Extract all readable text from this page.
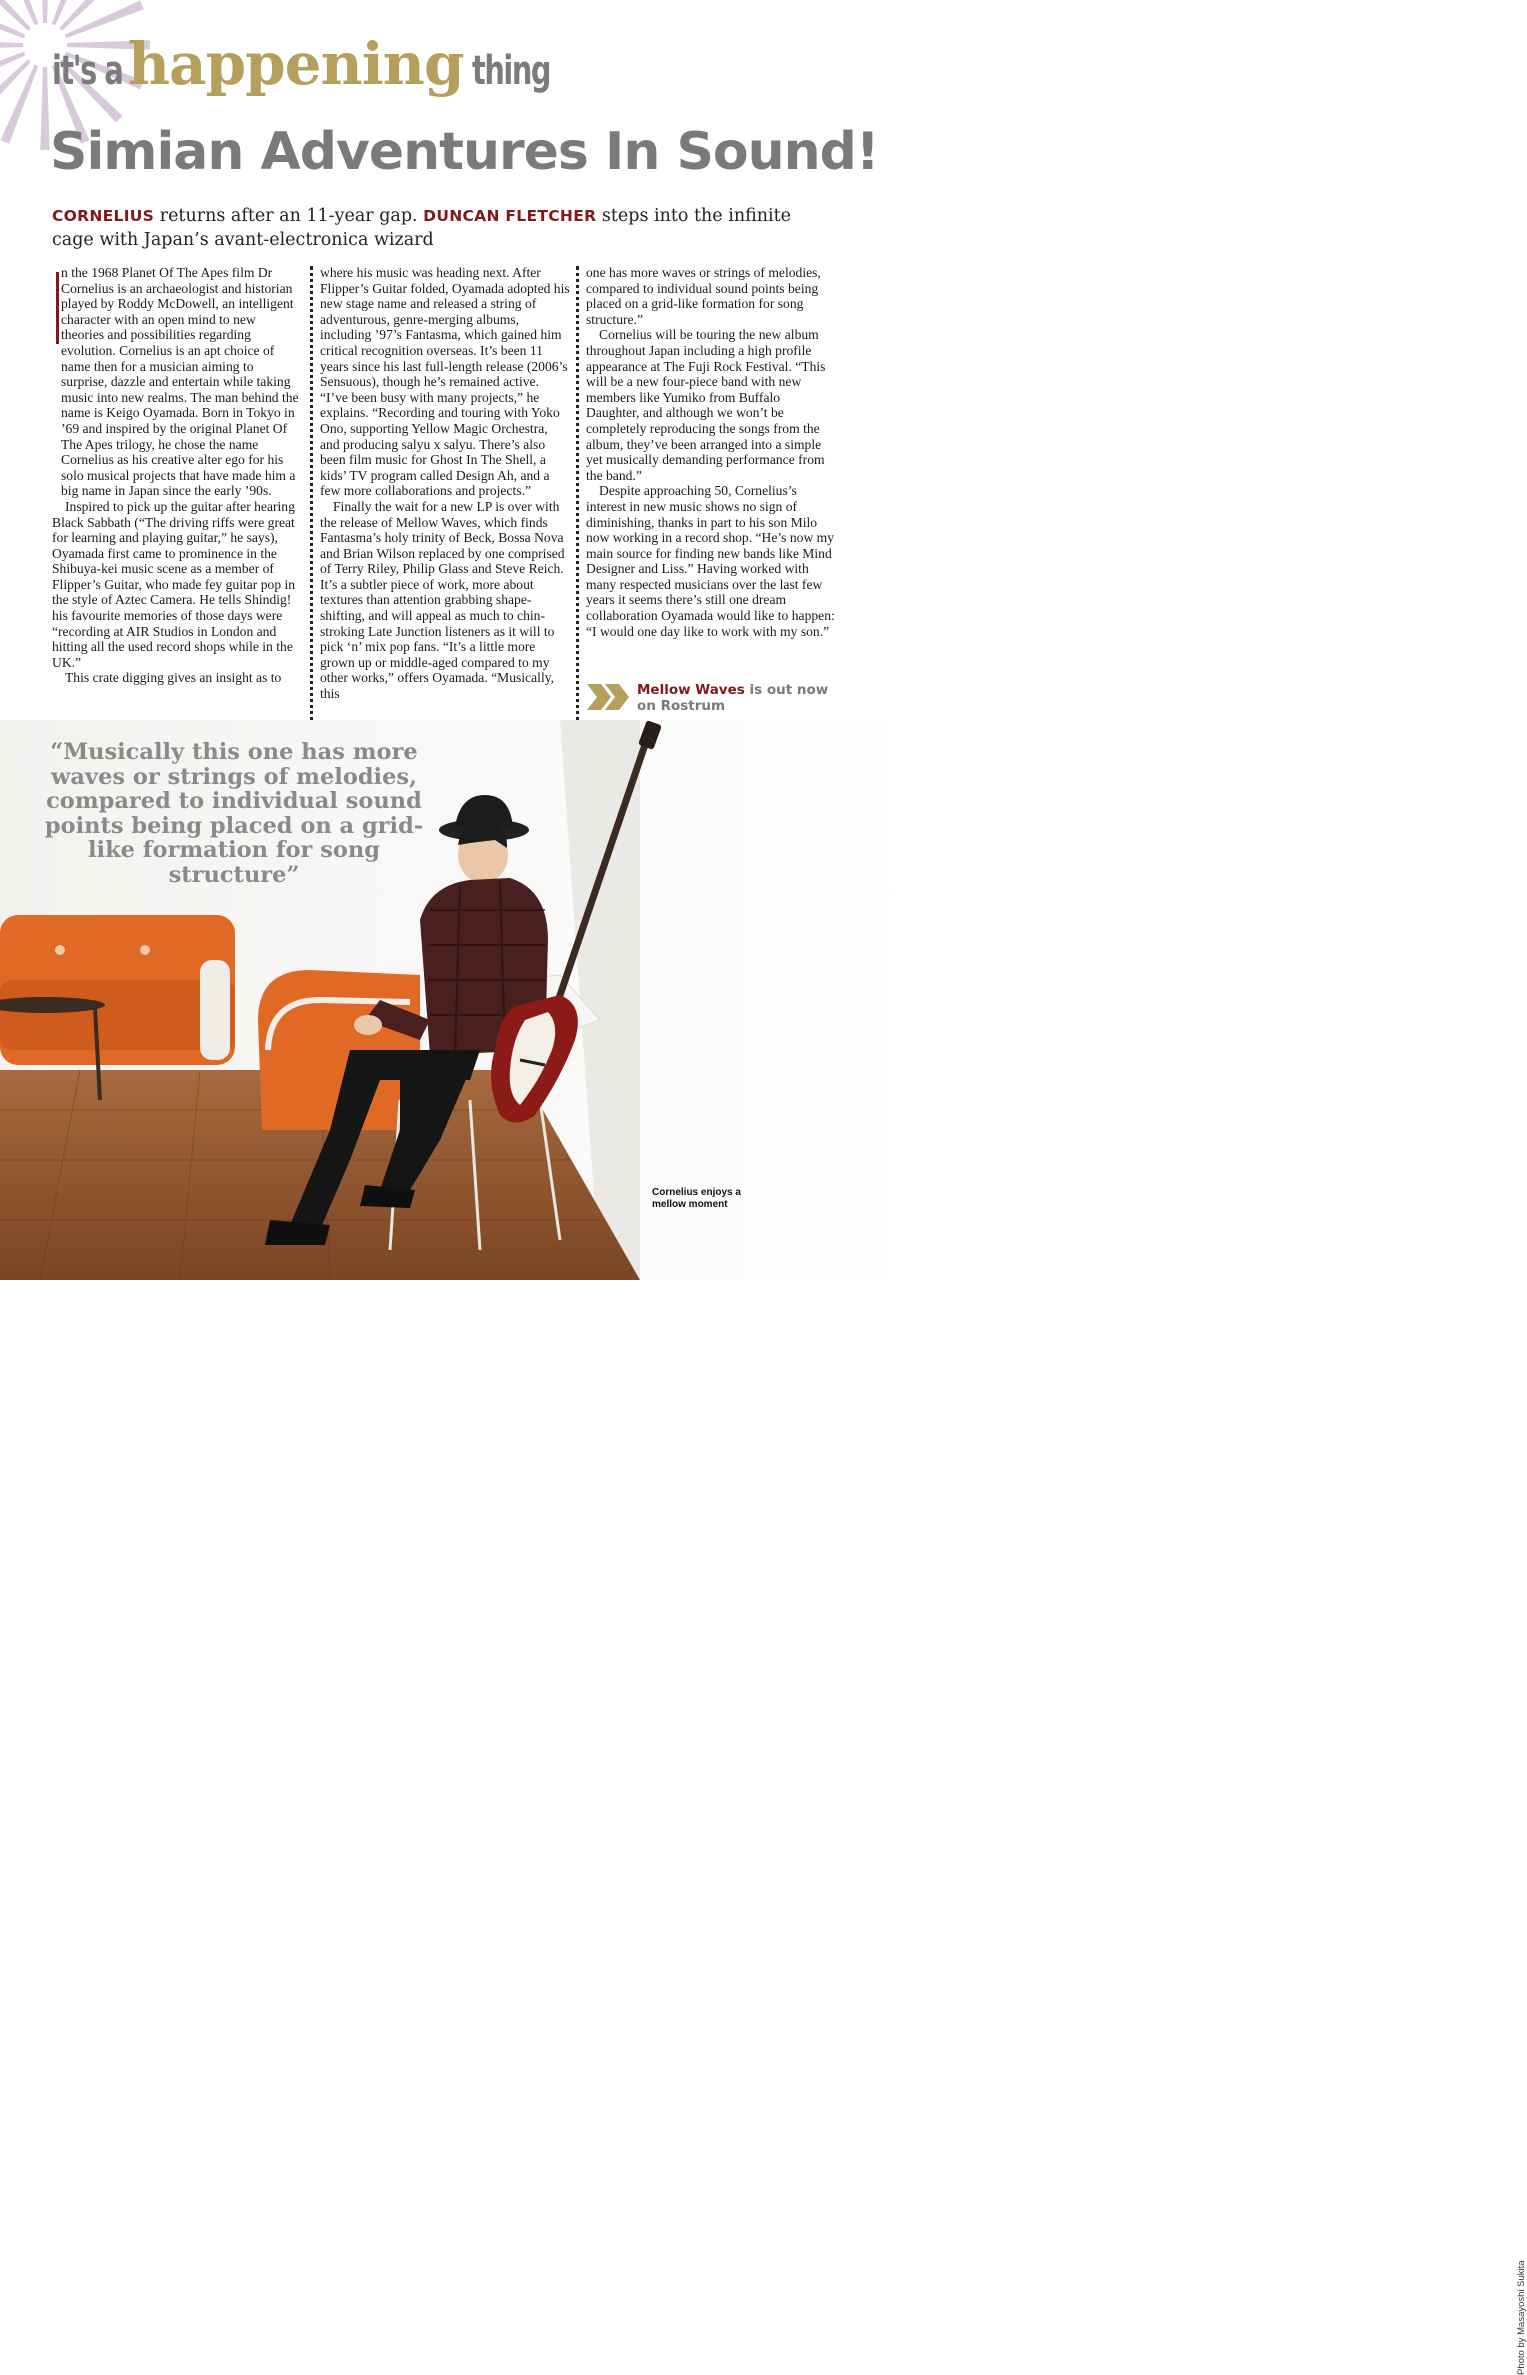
it's a happening thing
Simian Adventures In Sound!
CORNELIUS returns after an 11-year gap. DUNCAN FLETCHER steps into the infinite cage with Japan’s avant-electronica wizard

n the 1968 Planet Of The Apes film Dr Cornelius is an archaeologist and historian played by Roddy McDowell, an intelligent character with an open mind to new theories and possibilities regarding evolution. Cornelius is an apt choice of name then for a musician aiming to surprise, dazzle and entertain while taking music into new realms. The man behind the name is Keigo Oyamada. Born in Tokyo in ’69 and inspired by the original Planet Of The Apes trilogy, he chose the name Cornelius as his creative alter ego for his solo musical projects that have made him a big name in Japan since the early ’90s.

Inspired to pick up the guitar after hearing Black Sabbath (“The driving riffs were great for learning and playing guitar,” he says), Oyamada first came to prominence in the Shibuya-kei music scene as a member of Flipper’s Guitar, who made fey guitar pop in the style of Aztec Camera. He tells Shindig! his favourite memories of those days were “recording at AIR Studios in London and hitting all the used record shops while in the UK.”

This crate digging gives an insight as to

where his music was heading next. After Flipper’s Guitar folded, Oyamada adopted his new stage name and released a string of adventurous, genre-merging albums, including ’97’s Fantasma, which gained him critical recognition overseas. It’s been 11 years since his last full-length release (2006’s Sensuous), though he’s remained active. “I’ve been busy with many projects,” he explains. “Recording and touring with Yoko Ono, supporting Yellow Magic Orchestra, and producing salyu x salyu. There’s also been film music for Ghost In The Shell, a kids’ TV program called Design Ah, and a few more collaborations and projects.”

Finally the wait for a new LP is over with the release of Mellow Waves, which finds Fantasma’s holy trinity of Beck, Bossa Nova and Brian Wilson replaced by one comprised of Terry Riley, Philip Glass and Steve Reich. It’s a subtler piece of work, more about textures than attention grabbing shape-shifting, and will appeal as much to chin-stroking Late Junction listeners as it will to pick ‘n’ mix pop fans. “It’s a little more grown up or middle-aged compared to my other works,” offers Oyamada. “Musically, this

one has more waves or strings of melodies, compared to individual sound points being placed on a grid-like formation for song structure.”

Cornelius will be touring the new album throughout Japan including a high profile appearance at The Fuji Rock Festival. “This will be a new four-piece band with new members like Yumiko from Buffalo Daughter, and although we won’t be completely reproducing the songs from the album, they’ve been arranged into a simple yet musically demanding performance from the band.”

Despite approaching 50, Cornelius’s interest in new music shows no sign of diminishing, thanks in part to his son Milo now working in a record shop. “He’s now my main source for finding new bands like Mind Designer and Liss.” Having worked with many respected musicians over the last few years it seems there’s still one dream collaboration Oyamada would like to happen: “I would one day like to work with my son.”

Mellow Waves is out now on Rostrum
“Musically this one has more waves or strings of melodies, compared to individual sound points being placed on a grid-like formation for song structure”
Cornelius enjoys a mellow moment
Photo by Masayoshi Sukita
